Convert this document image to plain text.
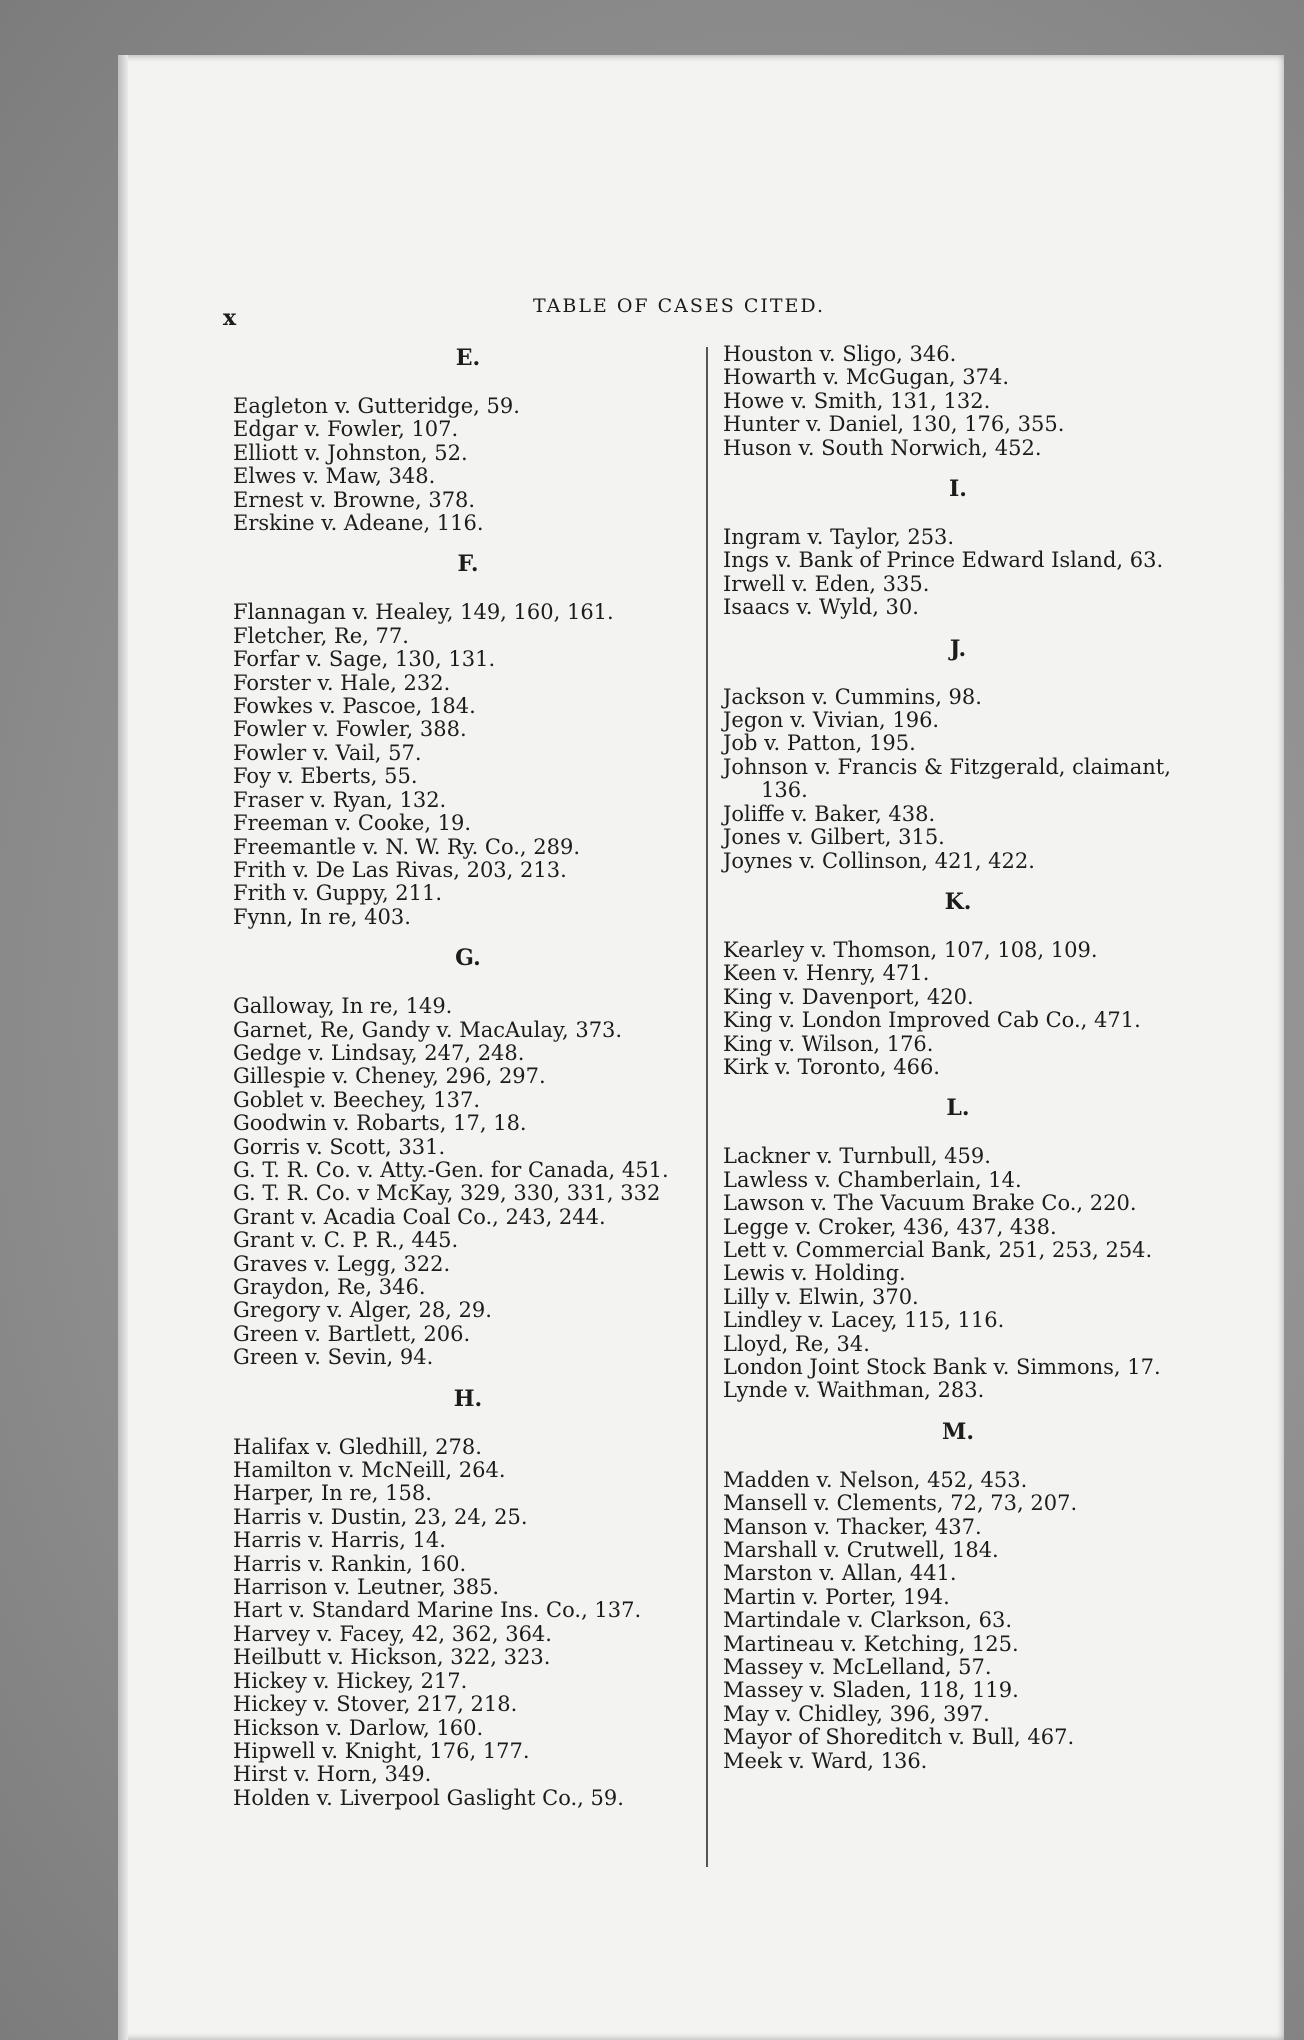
x	TABLE OF CASES CITED.
E.
Eagleton v. Gutteridge, 59.
Edgar v. Fowler, 107.
Elliott v. Johnston, 52.
Elwes v. Maw, 348.
Ernest v. Browne, 378.
Erskine v. Adeane, 116.
F.
Flannagan v. Healey, 149, 160, 161.
Fletcher, Re, 77.
Forfar v. Sage, 130, 131.
Forster v. Hale, 232.
Fowkes v. Pascoe, 184.
Fowler v. Fowler, 388.
Fowler v. Vail, 57.
Foy v. Eberts, 55.
Fraser v. Ryan, 132.
Freeman v. Cooke, 19.
Freemantle v. N. W. Ry. Co., 289.
Frith v. De Las Rivas, 203, 213.
Frith v. Guppy, 211.
Fynn, In re, 403.
G.
Galloway, In re, 149.
Garnet, Re, Gandy v. MacAulay, 373.
Gedge v. Lindsay, 247, 248.
Gillespie v. Cheney, 296, 297.
Goblet v. Beechey, 137.
Goodwin v. Robarts, 17, 18.
Gorris v. Scott, 331.
G. T. R. Co. v. Atty.-Gen. for Canada, 451.
G. T. R. Co. v McKay, 329, 330, 331, 332
Grant v. Acadia Coal Co., 243, 244.
Grant v. C. P. R., 445.
Graves v. Legg, 322.
Graydon, Re, 346.
Gregory v. Alger, 28, 29.
Green v. Bartlett, 206.
Green v. Sevin, 94.
H.
Halifax v. Gledhill, 278.
Hamilton v. McNeill, 264.
Harper, In re, 158.
Harris v. Dustin, 23, 24, 25.
Harris v. Harris, 14.
Harris v. Rankin, 160.
Harrison v. Leutner, 385.
Hart v. Standard Marine Ins. Co., 137.
Harvey v. Facey, 42, 362, 364.
Heilbutt v. Hickson, 322, 323.
Hickey v. Hickey, 217.
Hickey v. Stover, 217, 218.
Hickson v. Darlow, 160.
Hipwell v. Knight, 176, 177.
Hirst v. Horn, 349.
Holden v. Liverpool Gaslight Co., 59.
Houston v. Sligo, 346.
Howarth v. McGugan, 374.
Howe v. Smith, 131, 132.
Hunter v. Daniel, 130, 176, 355.
Huson v. South Norwich, 452.
I.
Ingram v. Taylor, 253.
Ings v. Bank of Prince Edward Island, 63.
Irwell v. Eden, 335.
Isaacs v. Wyld, 30.
J.
Jackson v. Cummins, 98.
Jegon v. Vivian, 196.
Job v. Patton, 195.
Johnson v. Francis & Fitzgerald, claimant, 136.
Joliffe v. Baker, 438.
Jones v. Gilbert, 315.
Joynes v. Collinson, 421, 422.
K.
Kearley v. Thomson, 107, 108, 109.
Keen v. Henry, 471.
King v. Davenport, 420.
King v. London Improved Cab Co., 471.
King v. Wilson, 176.
Kirk v. Toronto, 466.
L.
Lackner v. Turnbull, 459.
Lawless v. Chamberlain, 14.
Lawson v. The Vacuum Brake Co., 220.
Legge v. Croker, 436, 437, 438.
Lett v. Commercial Bank, 251, 253, 254.
Lewis v. Holding.
Lilly v. Elwin, 370.
Lindley v. Lacey, 115, 116.
Lloyd, Re, 34.
London Joint Stock Bank v. Simmons, 17.
Lynde v. Waithman, 283.
M.
Madden v. Nelson, 452, 453.
Mansell v. Clements, 72, 73, 207.
Manson v. Thacker, 437.
Marshall v. Crutwell, 184.
Marston v. Allan, 441.
Martin v. Porter, 194.
Martindale v. Clarkson, 63.
Martineau v. Ketching, 125.
Massey v. McLelland, 57.
Massey v. Sladen, 118, 119.
May v. Chidley, 396, 397.
Mayor of Shoreditch v. Bull, 467.
Meek v. Ward, 136.
